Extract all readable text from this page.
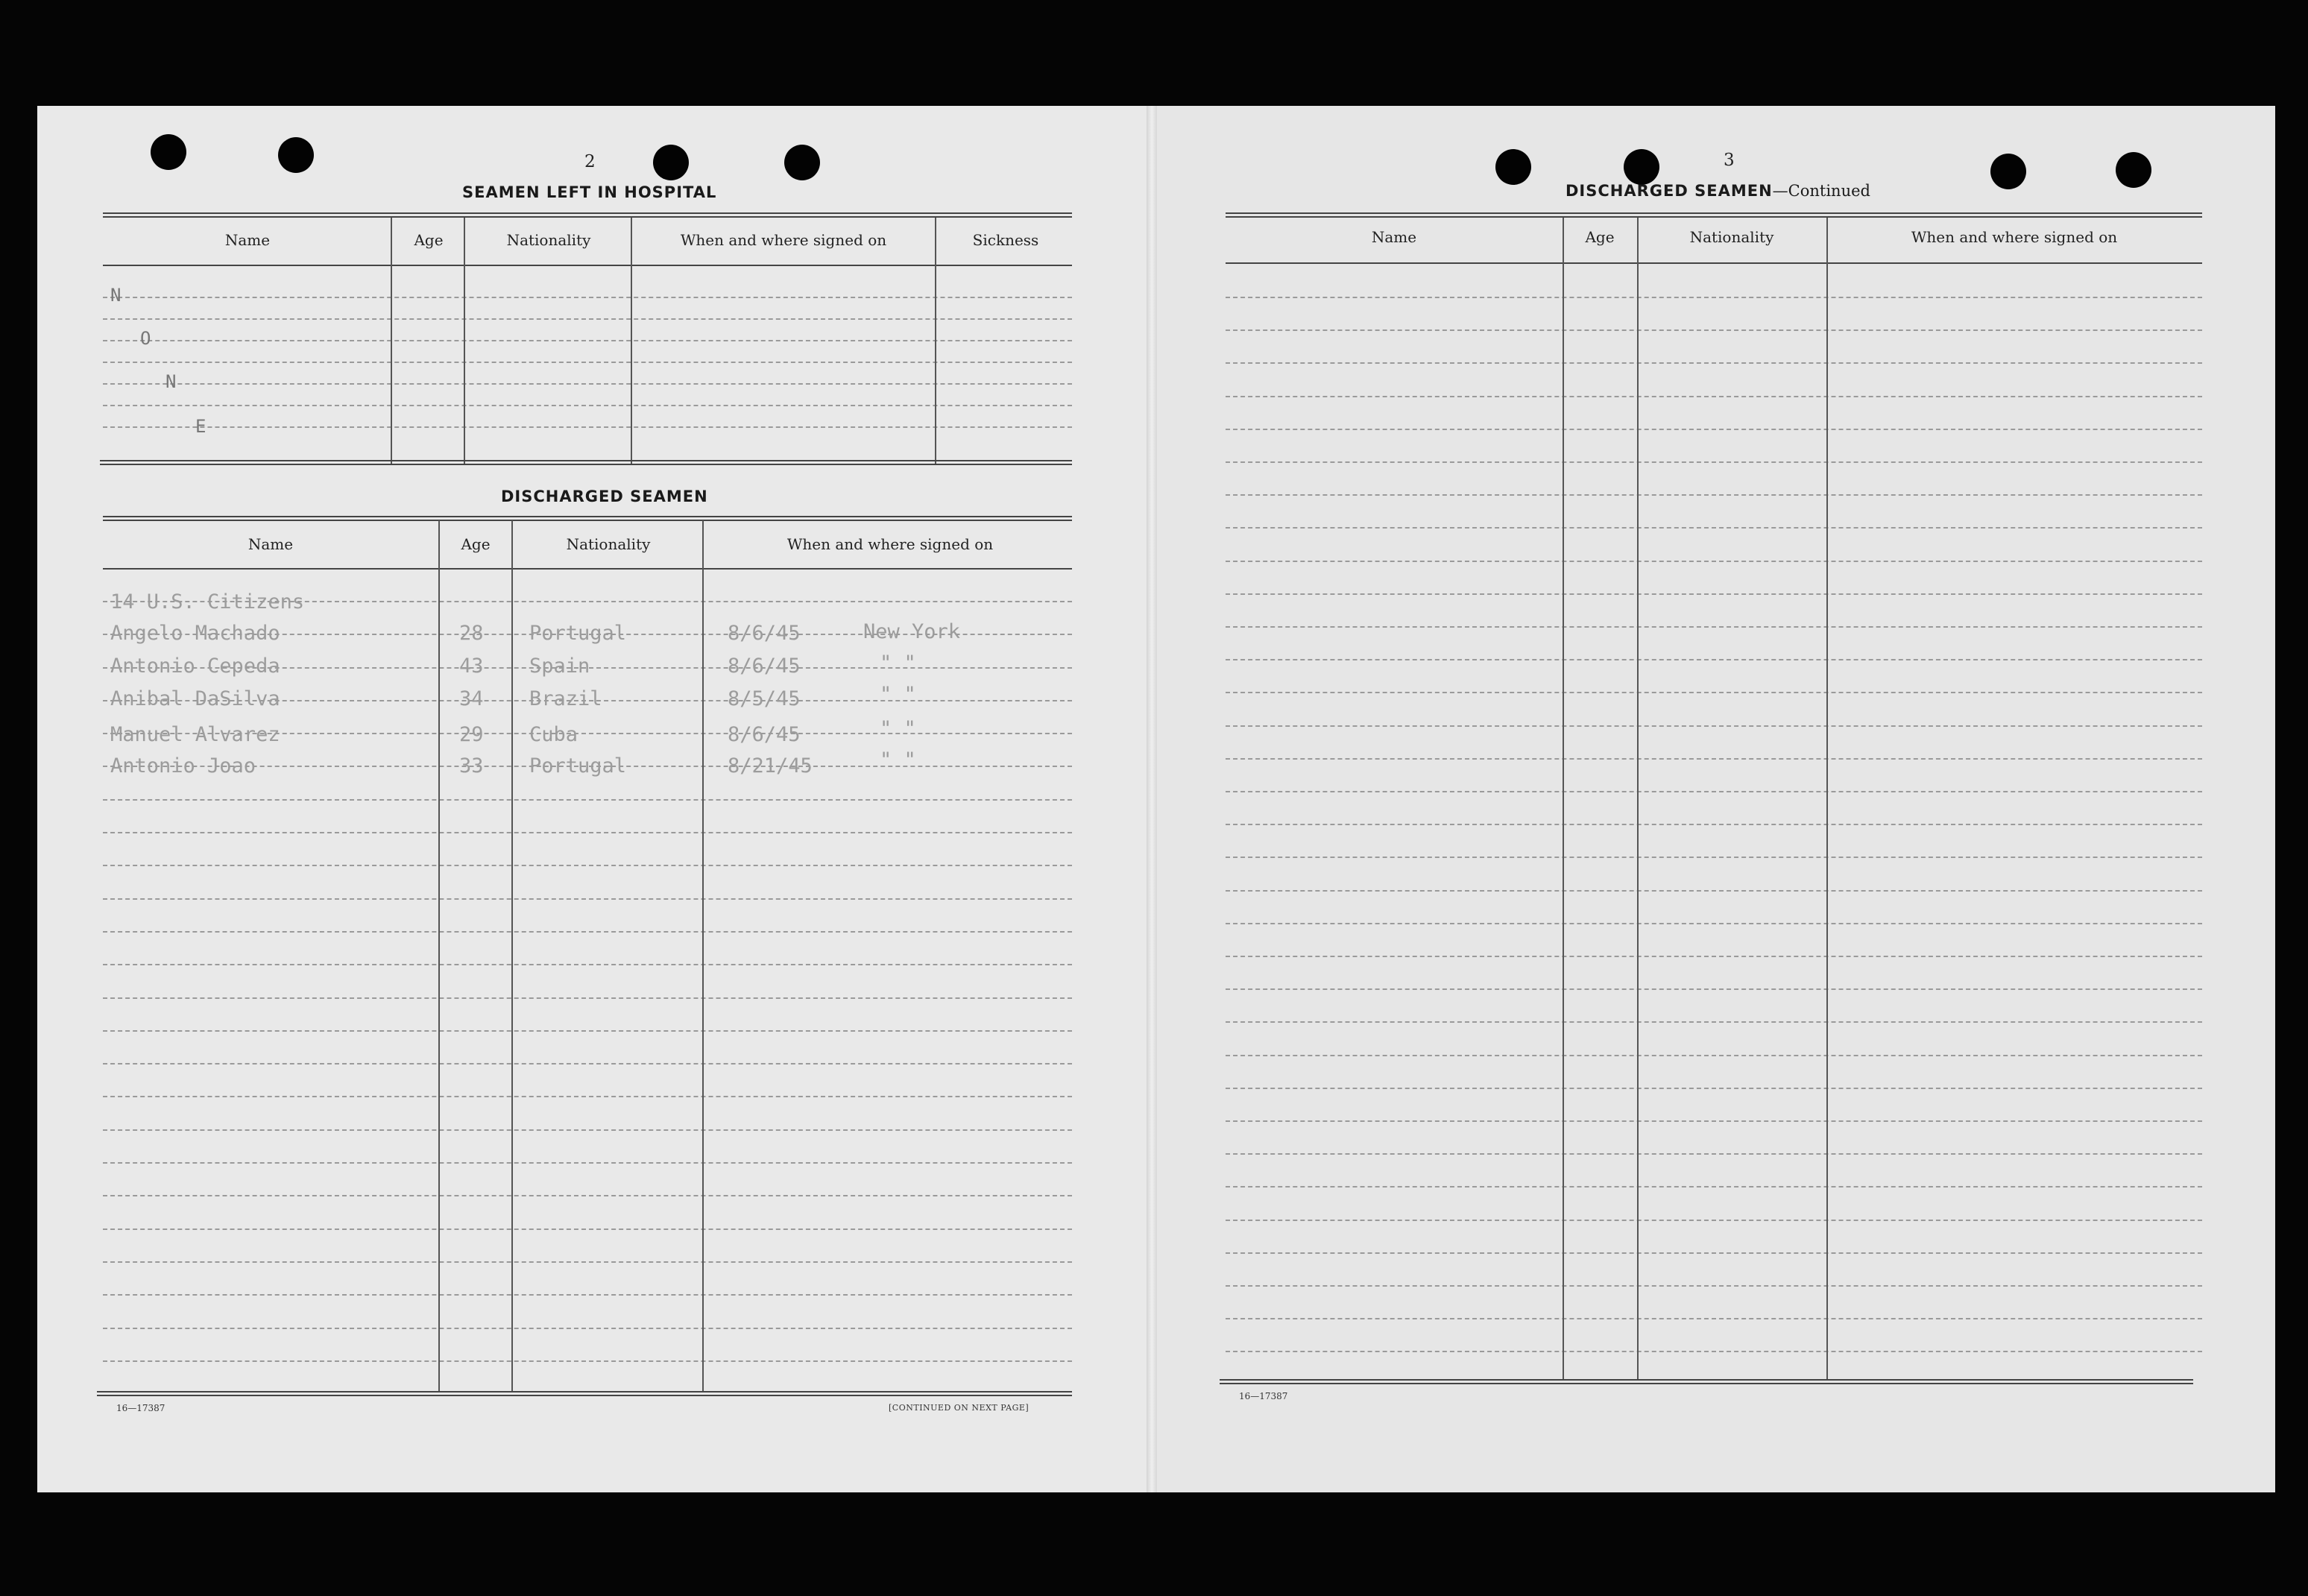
2
SEAMEN LEFT IN HOSPITAL
Name	Age	Nationality	When and where signed on	Sickness
N
O
N
E
DISCHARGED SEAMEN
Name	Age	Nationality	When and where signed on
14 U.S. Citizens
Angelo Machado	28 Portugal	8/6/45	New York
Antonio Cepeda	43 Spain	8/6/45	" "
Anibal DaSilva	34 Brazil	8/5/45	" "
Manuel Alvarez	29 Cuba	8/6/45	" "
Antonio Joao	33 Portugal	8/21/45	" "
16—17387	[CONTINUED ON NEXT PAGE]
3
DISCHARGED SEAMEN—Continued
Name	Age	Nationality	When and where signed on
16—17387
